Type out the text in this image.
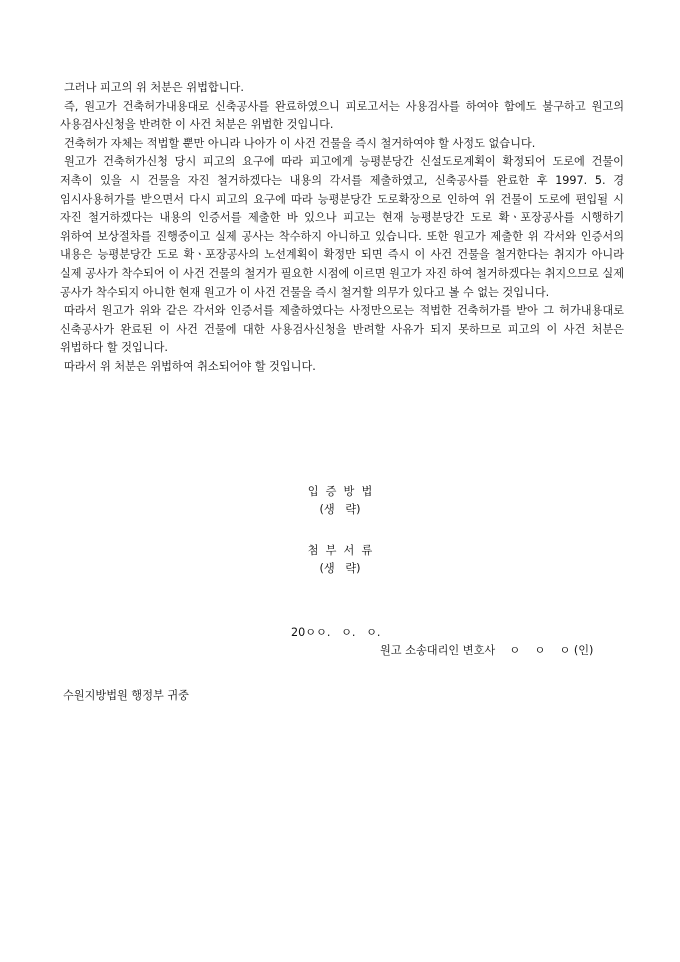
그러나 피고의 위 처분은 위법합니다.

즉, 원고가 건축허가내용대로 신축공사를 완료하였으니 피로고서는 사용검사를 하여야 함에도 불구하고 원고의 사용검사신청을 반려한 이 사건 처분은 위법한 것입니다.

건축허가 자체는 적법할 뿐만 아니라 나아가 이 사건 건물을 즉시 철거하여야 할 사정도 없습니다.

원고가 건축허가신청 당시 피고의 요구에 따라 피고에게 능평분당간 신설도로계획이 확정되어 도로에 건물이 저촉이 있을 시 건물을 자진 철거하겠다는 내용의 각서를 제출하였고, 신축공사를 완료한 후 1997. 5. 경 임시사용허가를 받으면서 다시 피고의 요구에 따라 능평분당간 도로확장으로 인하여 위 건물이 도로에 편입될 시 자진 철거하겠다는 내용의 인증서를 제출한 바 있으나 피고는 현재 능평분당간 도로 확ㆍ포장공사를 시행하기 위하여 보상절차를 진행중이고 실제 공사는 착수하지 아니하고 있습니다. 또한 원고가 제출한 위 각서와 인증서의 내용은 능평분당간 도로 확ㆍ포장공사의 노선계획이 확정만 되면 즉시 이 사건 건물을 철거한다는 취지가 아니라 실제 공사가 착수되어 이 사건 건물의 철거가 필요한 시점에 이르면 원고가 자진 하여 철거하겠다는 취지으므로 실제 공사가 착수되지 아니한 현재 원고가 이 사건 건물을 즉시 철거할 의무가 있다고 볼 수 없는 것입니다.

따라서 원고가 위와 같은 각서와 인증서를 제출하였다는 사정만으로는 적법한 건축허가를 받아 그 허가내용대로 신축공사가 완료된 이 사건 건물에 대한 사용검사신청을 반려할 사유가 되지 못하므로 피고의 이 사건 처분은 위법하다 할 것입니다.

따라서 위 처분은 위법하여 취소되어야 할 것입니다.

입  증  방  법
(생   략)
첨  부  서  류
(생   략)
20ㅇㅇ.   ㅇ.   ㅇ.
원고 소송대리인 변호사    ㅇ    ㅇ    ㅇ (인)
수원지방법원 행정부 귀중
